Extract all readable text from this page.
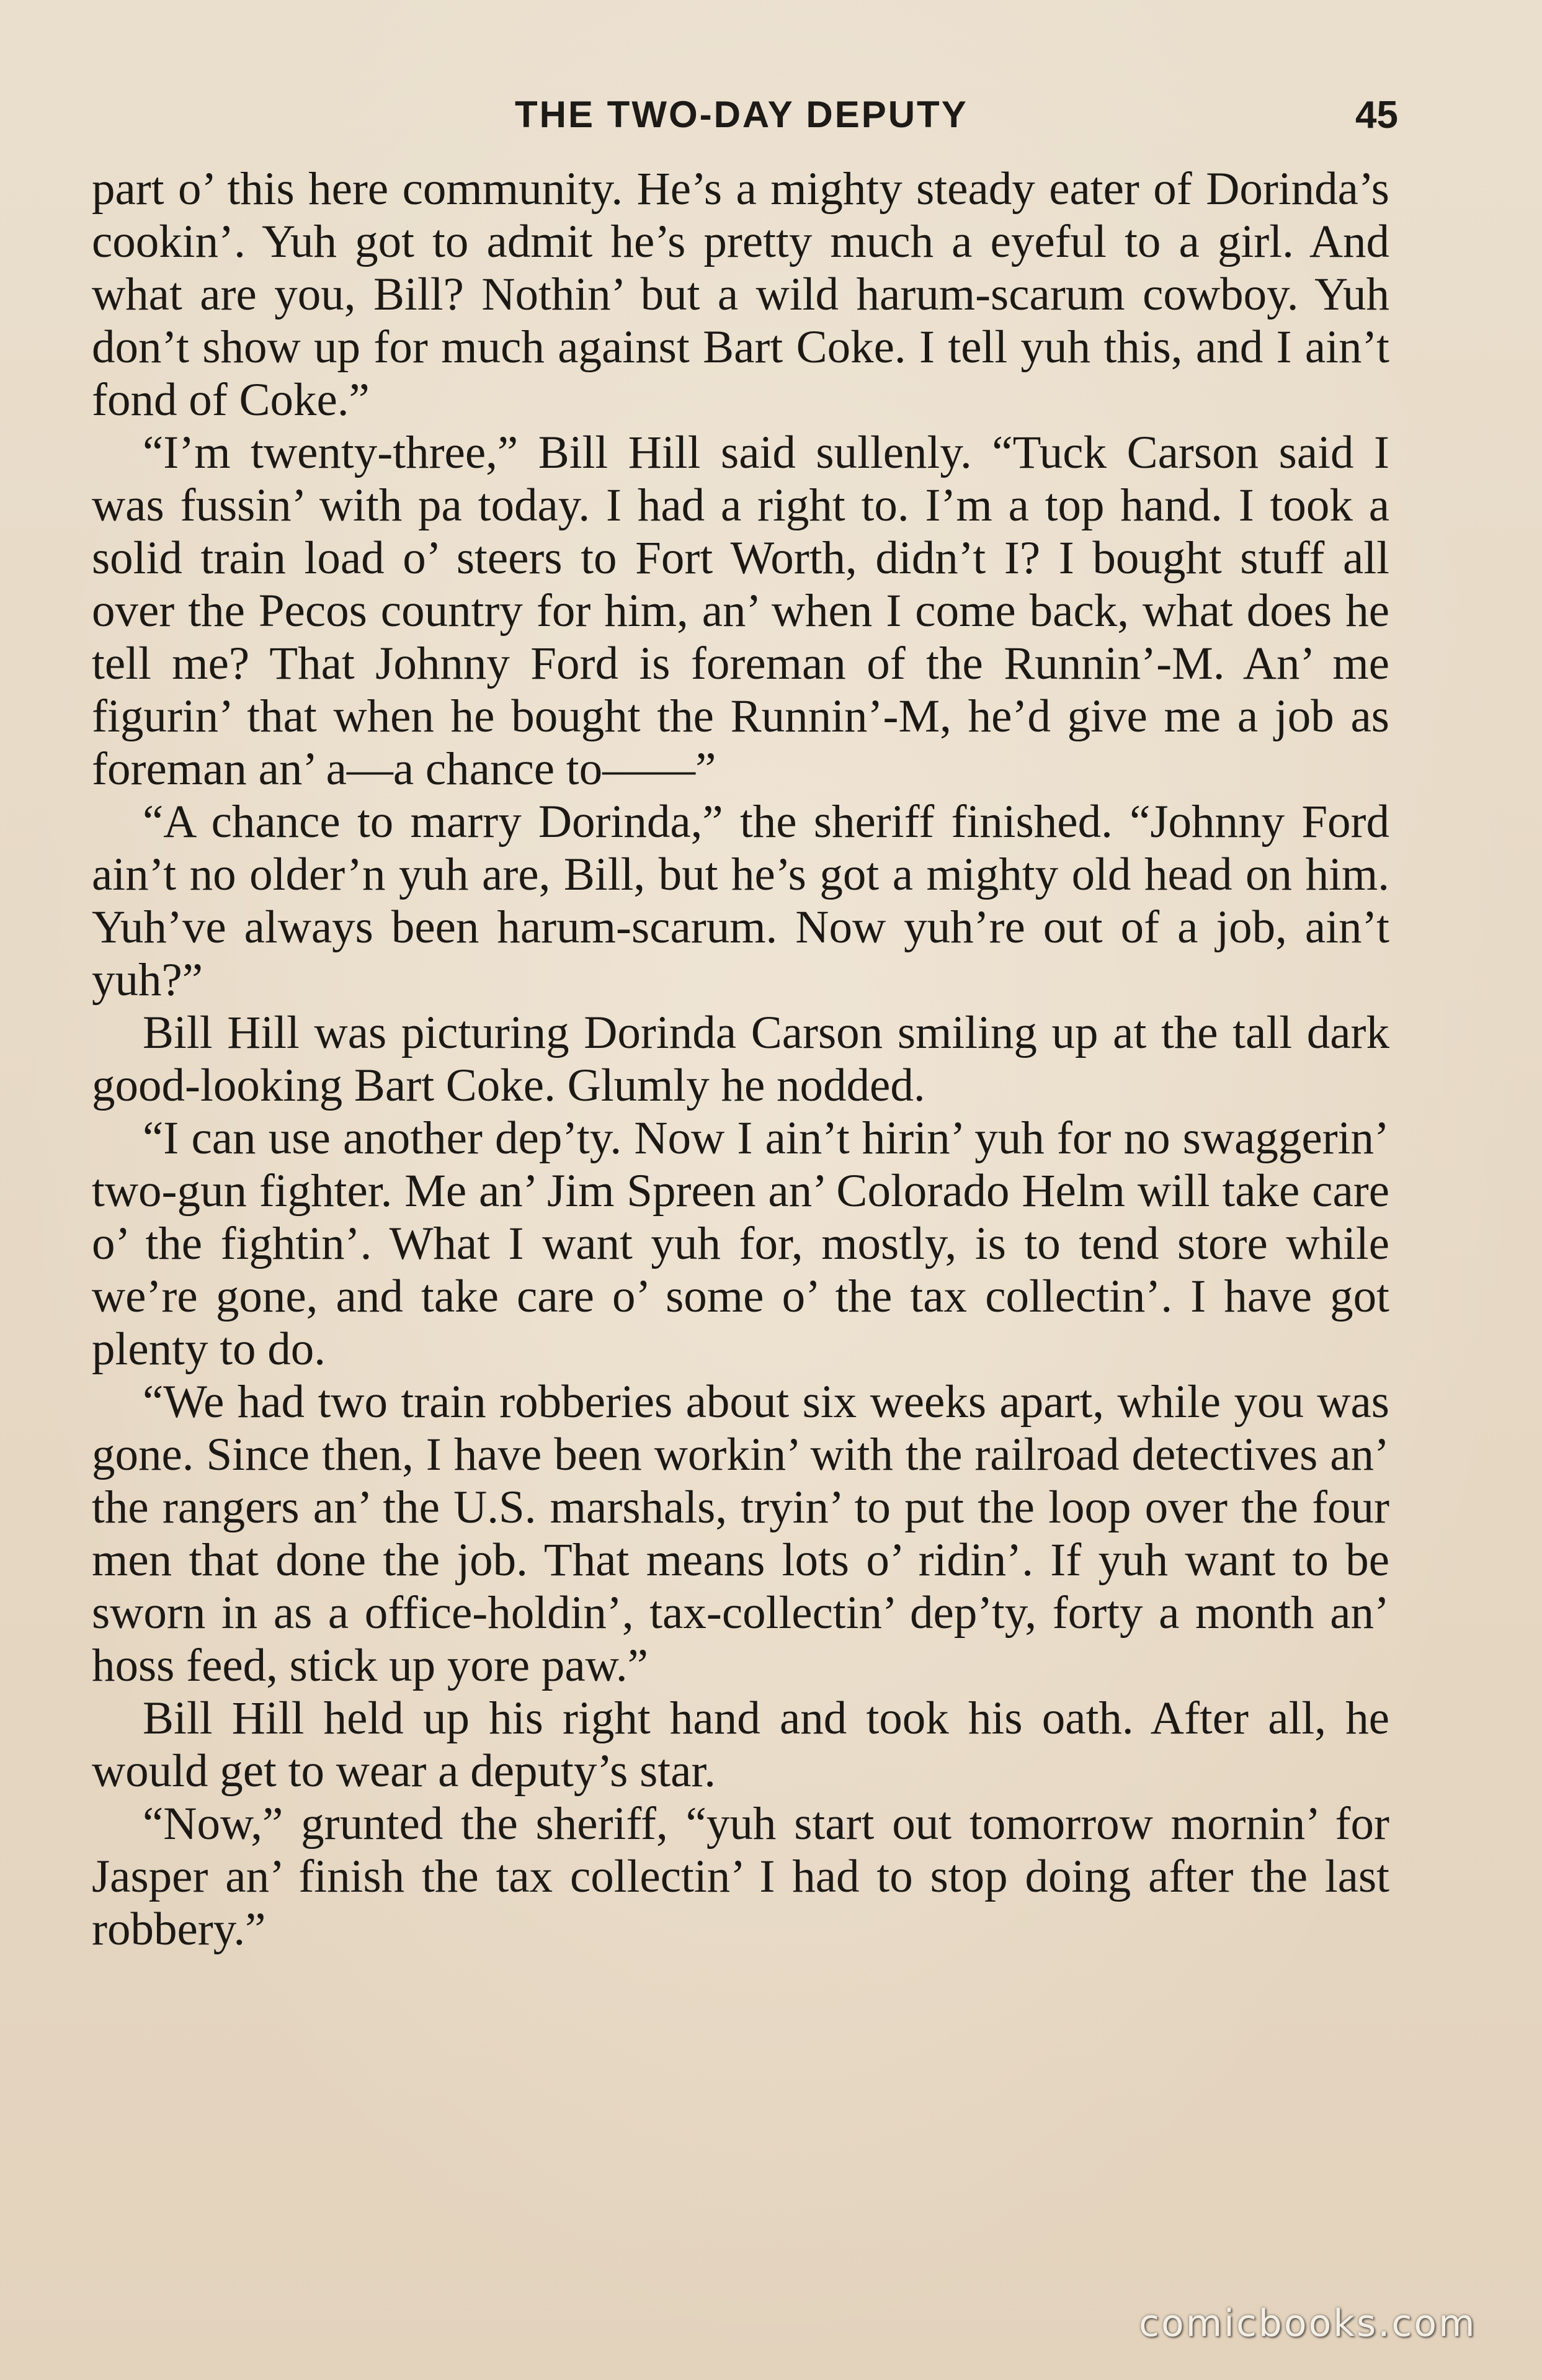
THE TWO-DAY DEPUTY	45

part o’ this here community. He’s a mighty steady eater of Dorinda’s cookin’. Yuh got to admit he’s pretty much a eyeful to a girl. And what are you, Bill? Nothin’ but a wild harum-scarum cowboy. Yuh don’t show up for much against Bart Coke. I tell yuh this, and I ain’t fond of Coke.”

“I’m twenty-three,” Bill Hill said sullenly. “Tuck Carson said I was fussin’ with pa today. I had a right to. I’m a top hand. I took a solid train load o’ steers to Fort Worth, didn’t I? I bought stuff all over the Pecos country for him, an’ when I come back, what does he tell me? That Johnny Ford is foreman of the Runnin’-M. An’ me figurin’ that when he bought the Runnin’-M, he’d give me a job as foreman an’ a—a chance to——”

“A chance to marry Dorinda,” the sheriff finished. “Johnny Ford ain’t no older’n yuh are, Bill, but he’s got a mighty old head on him. Yuh’ve always been harum-scarum. Now yuh’re out of a job, ain’t yuh?”

Bill Hill was picturing Dorinda Carson smiling up at the tall dark good-looking Bart Coke. Glumly he nodded.

“I can use another dep’ty. Now I ain’t hirin’ yuh for no swaggerin’ two-gun fighter. Me an’ Jim Spreen an’ Colorado Helm will take care o’ the fightin’. What I want yuh for, mostly, is to tend store while we’re gone, and take care o’ some o’ the tax collectin’. I have got plenty to do.

“We had two train robberies about six weeks apart, while you was gone. Since then, I have been workin’ with the railroad detectives an’ the rangers an’ the U.S. marshals, tryin’ to put the loop over the four men that done the job. That means lots o’ ridin’. If yuh want to be sworn in as a office-holdin’, tax-collectin’ dep’ty, forty a month an’ hoss feed, stick up yore paw.”

Bill Hill held up his right hand and took his oath. After all, he would get to wear a deputy’s star.

“Now,” grunted the sheriff, “yuh start out tomorrow mornin’ for Jasper an’ finish the tax collectin’ I had to stop doing after the last robbery.”

comicbooks.com
